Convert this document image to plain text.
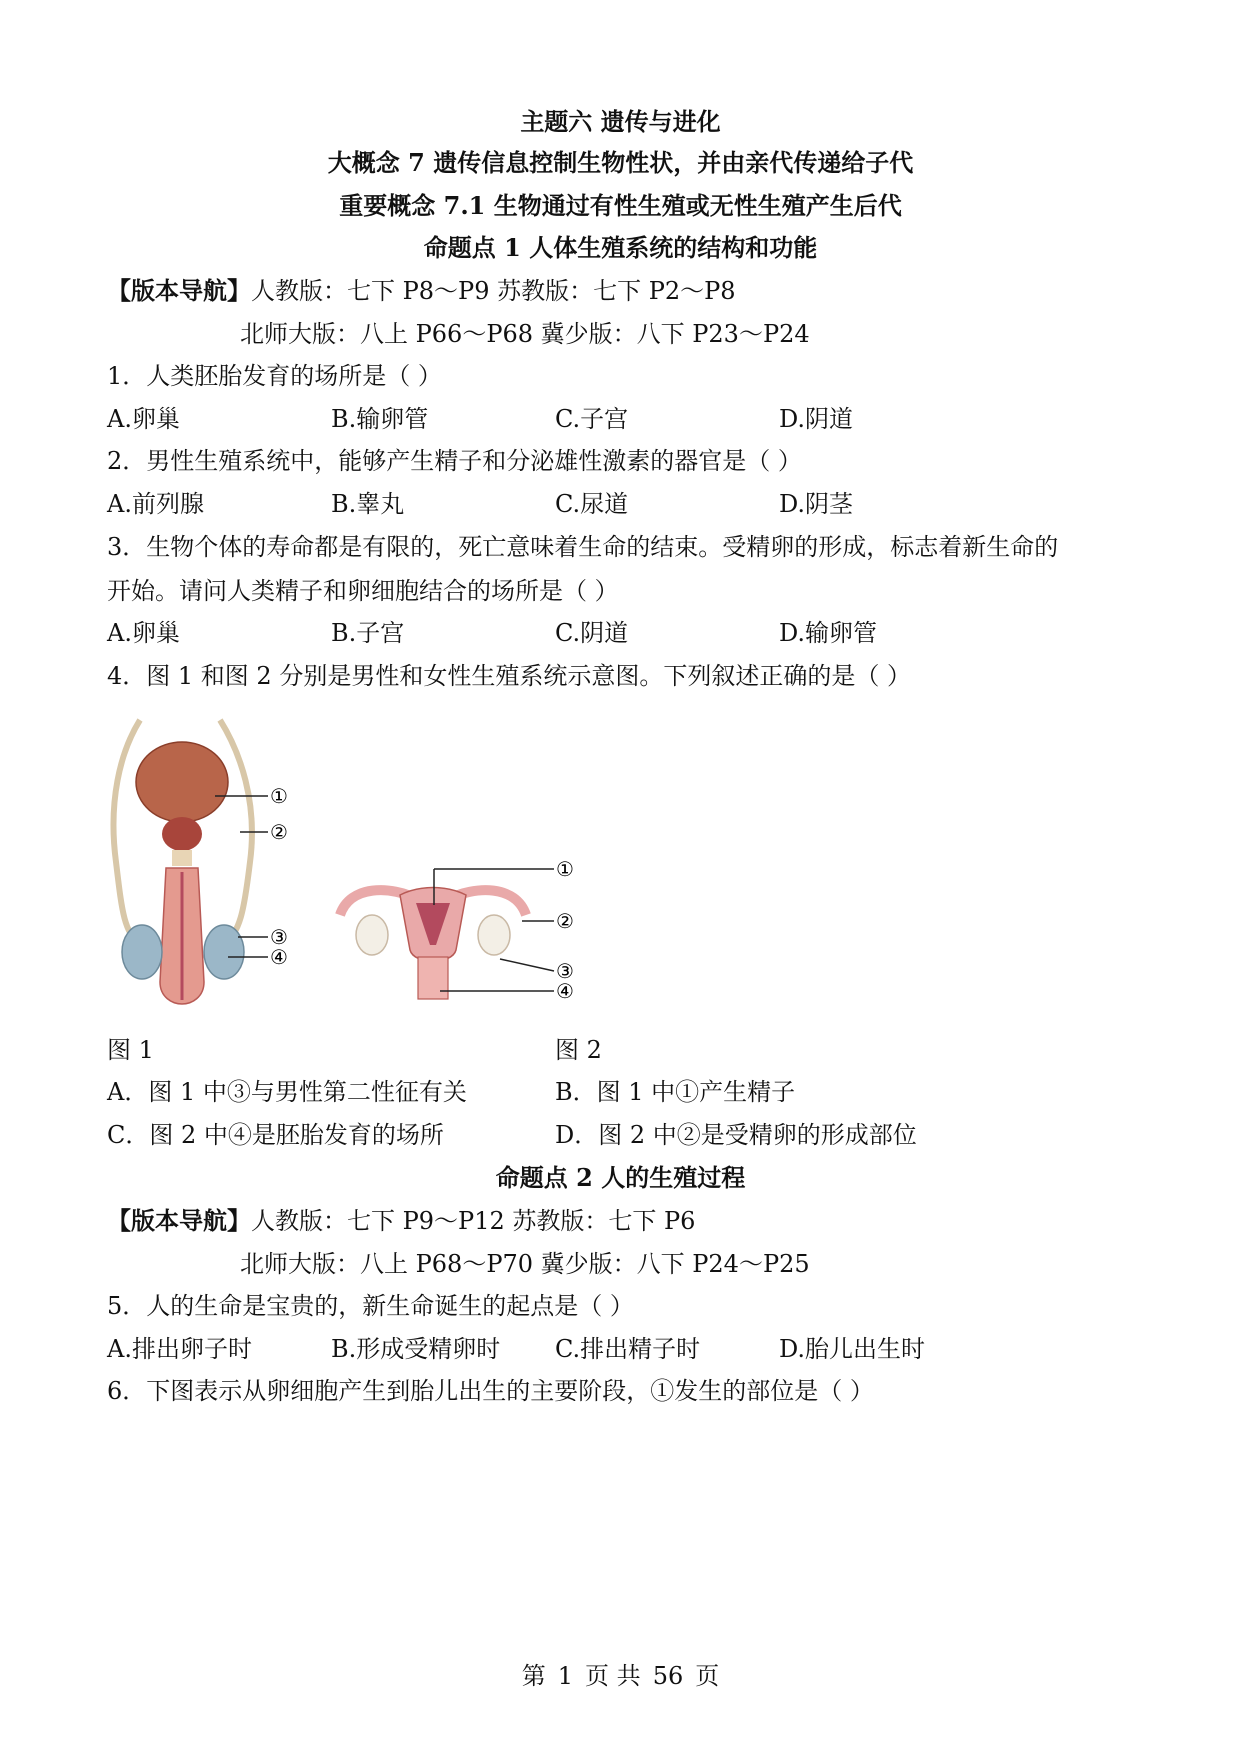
主题六 遗传与进化
大概念 7 遗传信息控制生物性状，并由亲代传递给子代
重要概念 7.1 生物通过有性生殖或无性生殖产生后代
命题点 1 人体生殖系统的结构和功能
【版本导航】人教版：七下 P8～P9 苏教版：七下 P2～P8
北师大版：八上 P66～P68 冀少版：八下 P23～P24
1．人类胚胎发育的场所是（ ）
A.卵巢	B.输卵管	C.子宫	D.阴道
2．男性生殖系统中，能够产生精子和分泌雄性激素的器官是（ ）
A.前列腺	B.睾丸	C.尿道	D.阴茎
3．生物个体的寿命都是有限的，死亡意味着生命的结束。受精卵的形成，标志着新生命的
开始。请问人类精子和卵细胞结合的场所是（ ）
A.卵巢	B.子宫	C.阴道	D.输卵管
4．图 1 和图 2 分别是男性和女性生殖系统示意图。下列叙述正确的是（ ）
①
②
③
④
①
②
③
④
图 1	图 2
A．图 1 中③与男性第二性征有关	B．图 1 中①产生精子
C．图 2 中④是胚胎发育的场所	D．图 2 中②是受精卵的形成部位
命题点 2 人的生殖过程
【版本导航】人教版：七下 P9～P12 苏教版：七下 P6
北师大版：八上 P68～P70 冀少版：八下 P24～P25
5．人的生命是宝贵的，新生命诞生的起点是（ ）
A.排出卵子时	B.形成受精卵时 C.排出精子时	D.胎儿出生时
6．下图表示从卵细胞产生到胎儿出生的主要阶段，①发生的部位是（ ）
第 1 页 共 56 页
